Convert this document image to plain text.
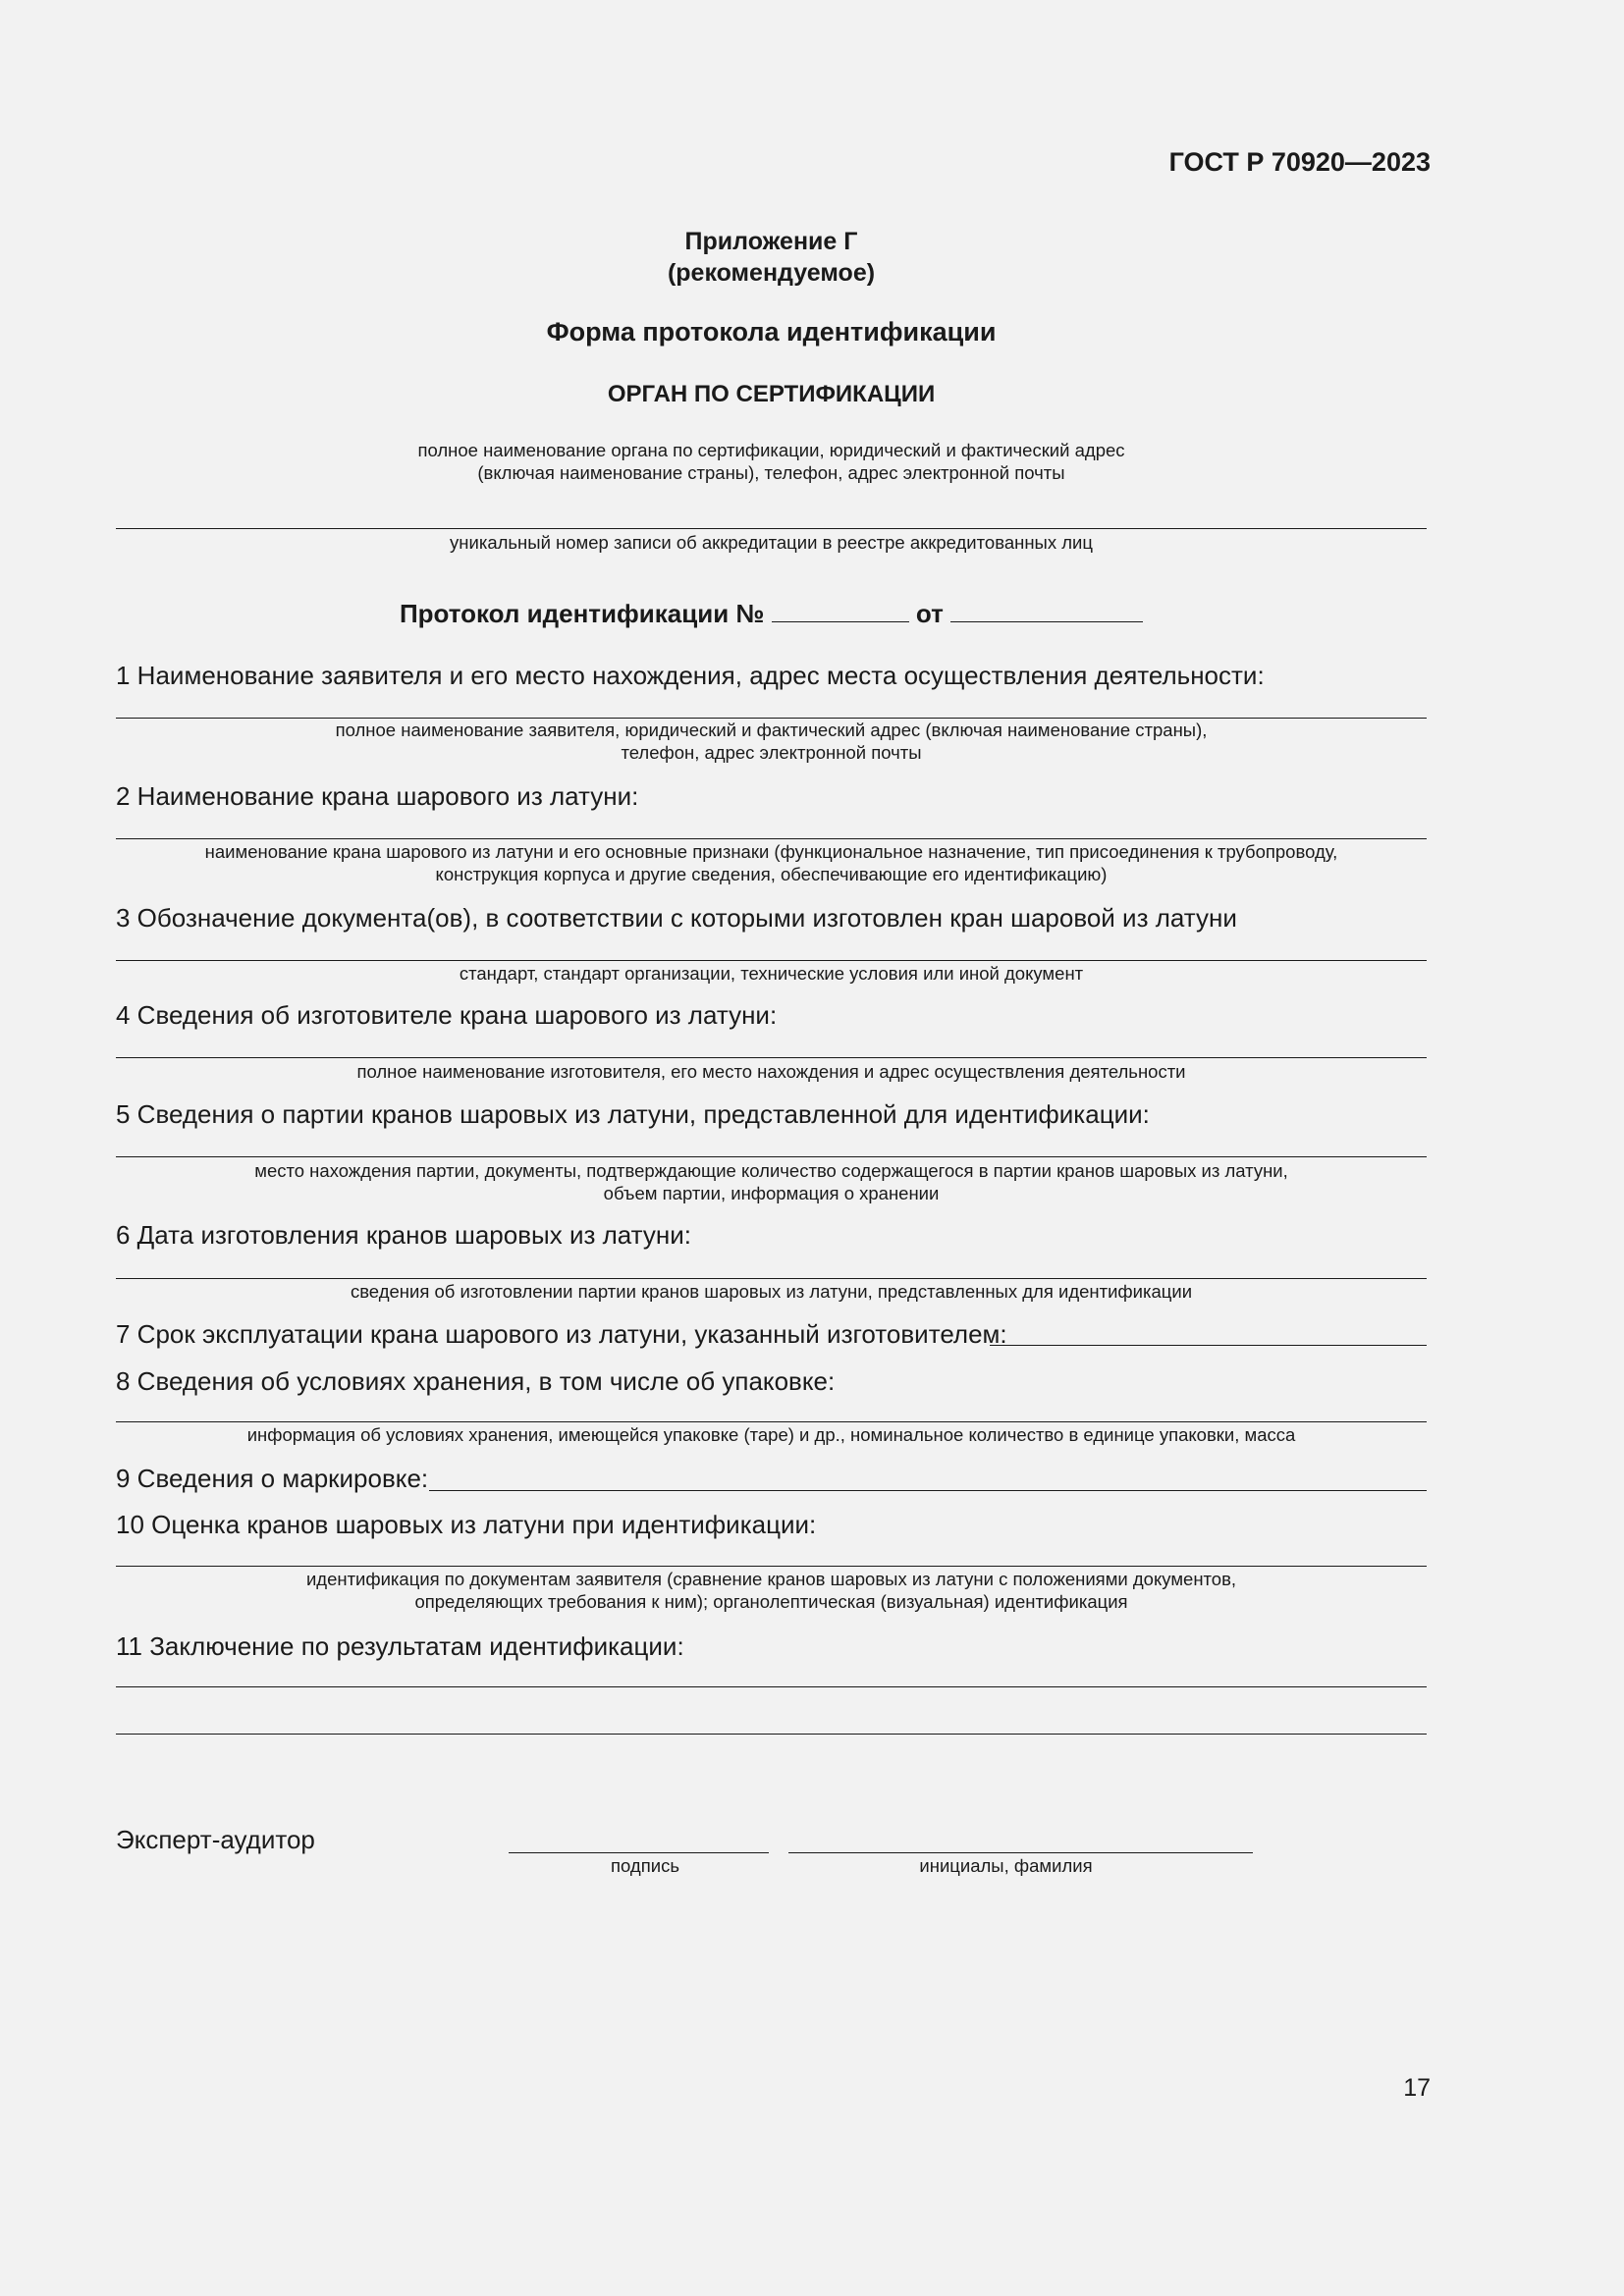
ГОСТ Р 70920—2023
Приложение Г
(рекомендуемое)
Форма протокола идентификации
ОРГАН ПО СЕРТИФИКАЦИИ
полное наименование органа по сертификации, юридический и фактический адрес
(включая наименование страны), телефон, адрес электронной почты
уникальный номер записи об аккредитации в реестре аккредитованных лиц
Протокол идентификации №	от
1 Наименование заявителя и его место нахождения, адрес места осуществления деятельности:
полное наименование заявителя, юридический и фактический адрес (включая наименование страны),
телефон, адрес электронной почты
2 Наименование крана шарового из латуни:
наименование крана шарового из латуни и его основные признаки (функциональное назначение, тип присоединения к трубопроводу,
конструкция корпуса и другие сведения, обеспечивающие его идентификацию)
3 Обозначение документа(ов), в соответствии с которыми изготовлен кран шаровой из латуни
стандарт, стандарт организации, технические условия или иной документ
4 Сведения об изготовителе крана шарового из латуни:
полное наименование изготовителя, его место нахождения и адрес осуществления деятельности
5 Сведения о партии кранов шаровых из латуни, представленной для идентификации:
место нахождения партии, документы, подтверждающие количество содержащегося в партии кранов шаровых из латуни,
объем партии, информация о хранении
6 Дата изготовления кранов шаровых из латуни:
сведения об изготовлении партии кранов шаровых из латуни, представленных для идентификации
7 Срок эксплуатации крана шарового из латуни, указанный изготовителем:
8 Сведения об условиях хранения, в том числе об упаковке:
информация об условиях хранения, имеющейся упаковке (таре) и др., номинальное количество в единице упаковки, масса
9 Сведения о маркировке:
10 Оценка кранов шаровых из латуни при идентификации:
идентификация по документам заявителя (сравнение кранов шаровых из латуни с положениями документов,
определяющих требования к ним); органолептическая (визуальная) идентификация
11 Заключение по результатам идентификации:
Эксперт-аудитор
подпись	инициалы, фамилия
17
